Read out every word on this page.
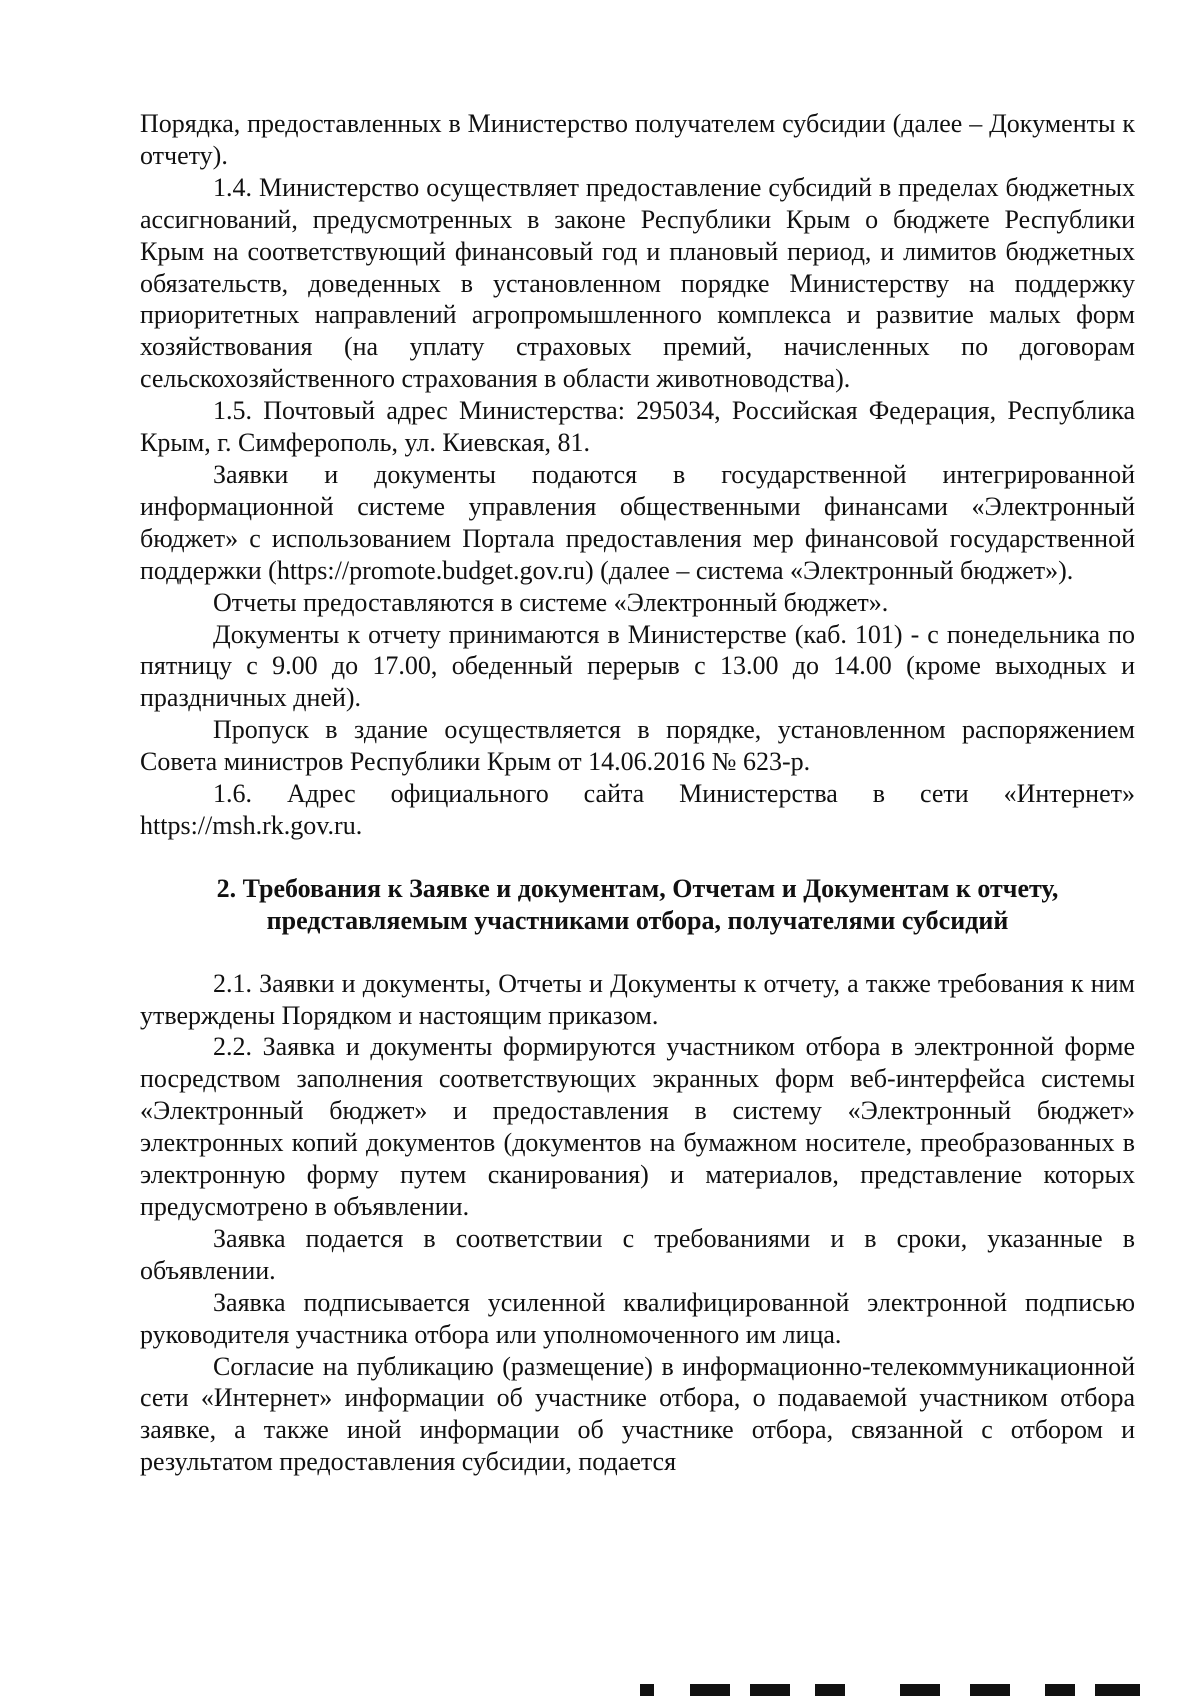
Порядка, предоставленных в Министерство получателем субсидии (далее – Документы к отчету).

1.4. Министерство осуществляет предоставление субсидий в пределах бюджетных ассигнований, предусмотренных в законе Республики Крым о бюджете Республики Крым на соответствующий финансовый год и плановый период, и лимитов бюджетных обязательств, доведенных в установленном порядке Министерству на поддержку приоритетных направлений агропромышленного комплекса и развитие малых форм хозяйствования (на уплату страховых премий, начисленных по договорам сельскохозяйственного страхования в области животноводства).

1.5. Почтовый адрес Министерства: 295034, Российская Федерация, Республика Крым, г. Симферополь, ул. Киевская, 81.

Заявки и документы подаются в государственной интегрированной информационной системе управления общественными финансами «Электронный бюджет» с использованием Портала предоставления мер финансовой государственной поддержки (https://promote.budget.gov.ru) (далее – система «Электронный бюджет»).

Отчеты предоставляются в системе «Электронный бюджет».

Документы к отчету принимаются в Министерстве (каб. 101) - с понедельника по пятницу с 9.00 до 17.00, обеденный перерыв с 13.00 до 14.00 (кроме выходных и праздничных дней).

Пропуск в здание осуществляется в порядке, установленном распоряжением Совета министров Республики Крым от 14.06.2016 № 623-р.

1.6. Адрес официального сайта Министерства в сети «Интернет» https://msh.rk.gov.ru.

2. Требования к Заявке и документам, Отчетам и Документам к отчету,
представляемым участниками отбора, получателями субсидий

2.1. Заявки и документы, Отчеты и Документы к отчету, а также требования к ним утверждены Порядком и настоящим приказом.

2.2. Заявка и документы формируются участником отбора в электронной форме посредством заполнения соответствующих экранных форм веб-интерфейса системы «Электронный бюджет» и предоставления в систему «Электронный бюджет» электронных копий документов (документов на бумажном носителе, преобразованных в электронную форму путем сканирования) и материалов, представление которых предусмотрено в объявлении.

Заявка подается в соответствии с требованиями и в сроки, указанные в объявлении.

Заявка подписывается усиленной квалифицированной электронной подписью руководителя участника отбора или уполномоченного им лица.

Согласие на публикацию (размещение) в информационно-телекоммуникационной сети «Интернет» информации об участнике отбора, о подаваемой участником отбора заявке, а также иной информации об участнике отбора, связанной с отбором и результатом предоставления субсидии, подается
